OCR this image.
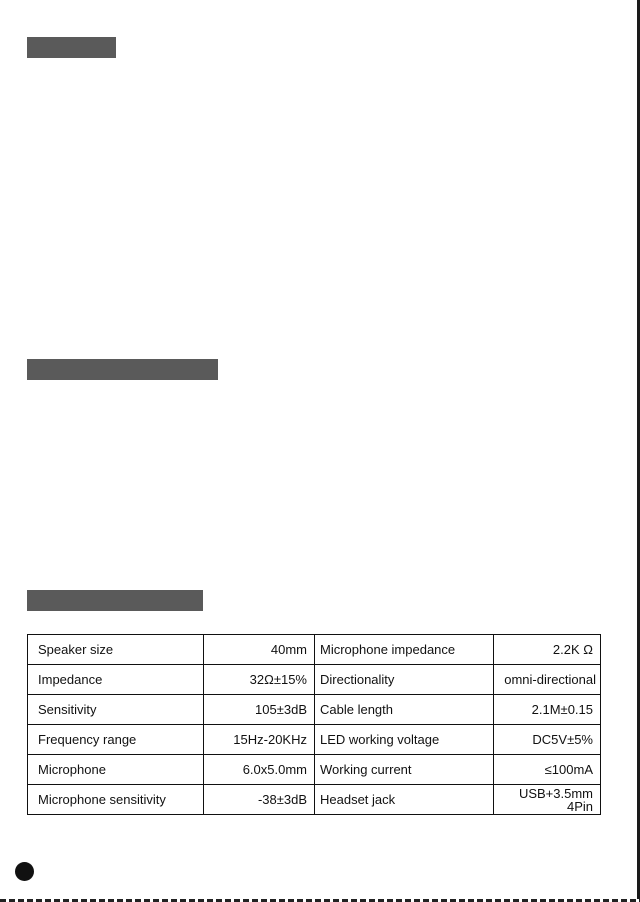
Speaker size	40mm	Microphone impedance	2.2K Ω
Impedance	32Ω±15%	Directionality	omni-directional
Sensitivity	105±3dB	Cable length	2.1M±0.15
Frequency range	15Hz-20KHz	LED working voltage	DC5V±5%
Microphone	6.0x5.0mm	Working current	≤100mA
Microphone sensitivity	-38±3dB	Headset jack	USB+3.5mm
4Pin
